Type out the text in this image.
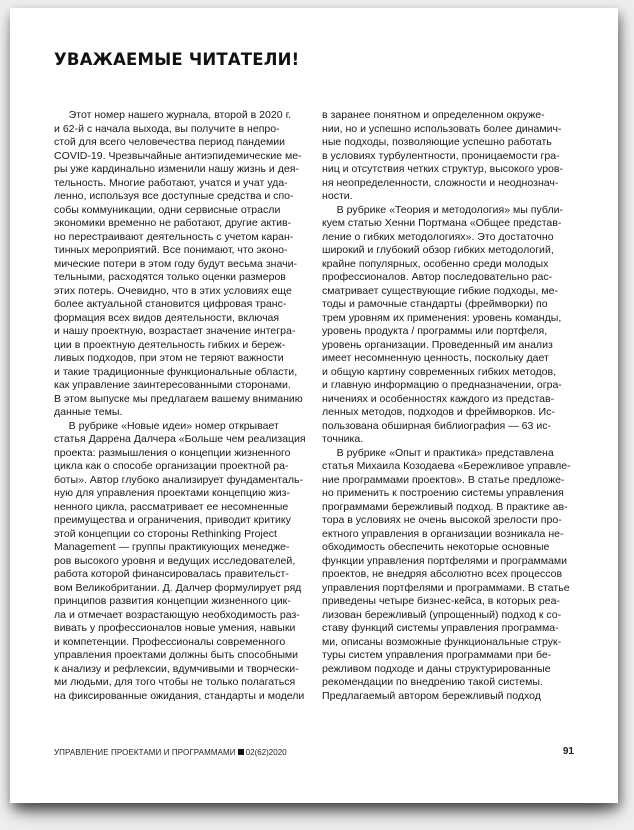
УВАЖАЕМЫЕ ЧИТАТЕЛИ!
Этот номер нашего журнала, второй в 2020 г.
и 62-й с начала выхода, вы получите в непро-
стой для всего человечества период пандемии
COVID-19. Чрезвычайные антиэпидемические ме-
ры уже кардинально изменили нашу жизнь и дея-
тельность. Многие работают, учатся и учат уда-
ленно, используя все доступные средства и спо-
собы коммуникации, одни сервисные отрасли
экономики временно не работают, другие актив-
но перестраивают деятельность с учетом каран-
тинных мероприятий. Все понимают, что эконо-
мические потери в этом году будут весьма значи-
тельными, расходятся только оценки размеров
этих потерь. Очевидно, что в этих условиях еще
более актуальной становится цифровая транс-
формация всех видов деятельности, включая
и нашу проектную, возрастает значение интегра-
ции в проектную деятельность гибких и береж-
ливых подходов, при этом не теряют важности
и такие традиционные функциональные области,
как управление заинтересованными сторонами.
В этом выпуске мы предлагаем вашему вниманию
данные темы.
В рубрике «Новые идеи» номер открывает
статья Даррена Далчера «Больше чем реализация
проекта: размышления о концепции жизненного
цикла как о способе организации проектной ра-
боты». Автор глубоко анализирует фундаменталь-
ную для управления проектами концепцию жиз-
ненного цикла, рассматривает ее несомненные
преимущества и ограничения, приводит критику
этой концепции со стороны Rethinking Project
Management — группы практикующих менедже-
ров высокого уровня и ведущих исследователей,
работа которой финансировалась правительст-
вом Великобритании. Д. Далчер формулирует ряд
принципов развития концепции жизненного цик-
ла и отмечает возрастающую необходимость раз-
вивать у профессионалов новые умения, навыки
и компетенции. Профессионалы современного
управления проектами должны быть способными
к анализу и рефлексии, вдумчивыми и творчески-
ми людьми, для того чтобы не только полагаться
на фиксированные ожидания, стандарты и модели
в заранее понятном и определенном окруже-
нии, но и успешно использовать более динамич-
ные подходы, позволяющие успешно работать
в условиях турбулентности, проницаемости гра-
ниц и отсутствия четких структур, высокого уров-
ня неопределенности, сложности и неоднознач-
ности.
В рубрике «Теория и методология» мы публи-
куем статью Хенни Портмана «Общее представ-
ление о гибких методологиях». Это достаточно
широкий и глубокий обзор гибких методологий,
крайне популярных, особенно среди молодых
профессионалов. Автор последовательно рас-
сматривает существующие гибкие подходы, ме-
тоды и рамочные стандарты (фреймворки) по
трем уровням их применения: уровень команды,
уровень продукта / программы или портфеля,
уровень организации. Проведенный им анализ
имеет несомненную ценность, поскольку дает
и общую картину современных гибких методов,
и главную информацию о предназначении, огра-
ничениях и особенностях каждого из представ-
ленных методов, подходов и фреймворков. Ис-
пользована обширная библиография — 63 ис-
точника.
В рубрике «Опыт и практика» представлена
статья Михаила Козодаева «Бережливое управле-
ние программами проектов». В статье предложе-
но применить к построению системы управления
программами бережливый подход. В практике ав-
тора в условиях не очень высокой зрелости про-
ектного управления в организации возникала не-
обходимость обеспечить некоторые основные
функции управления портфелями и программами
проектов, не внедряя абсолютно всех процессов
управления портфелями и программами. В статье
приведены четыре бизнес-кейса, в которых реа-
лизован бережливый (упрощенный) подход к со-
ставу функций системы управления программа-
ми, описаны возможные функциональные струк-
туры систем управления программами при бе-
режливом подходе и даны структурированные
рекомендации по внедрению такой системы.
Предлагаемый автором бережливый подход
УПРАВЛЕНИЕ ПРОЕКТАМИ И ПРОГРАММАМИ 02(62)2020	91
